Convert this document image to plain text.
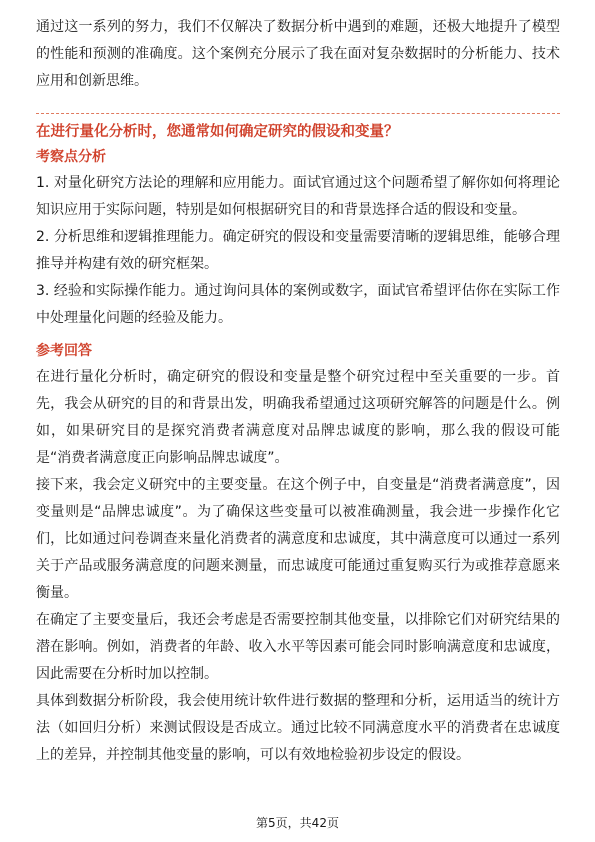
通过这一系列的努力，我们不仅解决了数据分析中遇到的难题，还极大地提升了模型的性能和预测的准确度。这个案例充分展示了我在面对复杂数据时的分析能力、技术应用和创新思维。

在进行量化分析时，您通常如何确定研究的假设和变量？
考察点分析

1. 对量化研究方法论的理解和应用能力。面试官通过这个问题希望了解你如何将理论知识应用于实际问题，特别是如何根据研究目的和背景选择合适的假设和变量。

2. 分析思维和逻辑推理能力。确定研究的假设和变量需要清晰的逻辑思维，能够合理推导并构建有效的研究框架。

3. 经验和实际操作能力。通过询问具体的案例或数字，面试官希望评估你在实际工作中处理量化问题的经验及能力。

参考回答

在进行量化分析时，确定研究的假设和变量是整个研究过程中至关重要的一步。首先，我会从研究的目的和背景出发，明确我希望通过这项研究解答的问题是什么。例如，如果研究目的是探究消费者满意度对品牌忠诚度的影响，那么我的假设可能是“消费者满意度正向影响品牌忠诚度”。

接下来，我会定义研究中的主要变量。在这个例子中，自变量是“消费者满意度”，因变量则是“品牌忠诚度”。为了确保这些变量可以被准确测量，我会进一步操作化它们，比如通过问卷调查来量化消费者的满意度和忠诚度，其中满意度可以通过一系列关于产品或服务满意度的问题来测量，而忠诚度可能通过重复购买行为或推荐意愿来衡量。

在确定了主要变量后，我还会考虑是否需要控制其他变量，以排除它们对研究结果的潜在影响。例如，消费者的年龄、收入水平等因素可能会同时影响满意度和忠诚度，因此需要在分析时加以控制。

具体到数据分析阶段，我会使用统计软件进行数据的整理和分析，运用适当的统计方法（如回归分析）来测试假设是否成立。通过比较不同满意度水平的消费者在忠诚度上的差异，并控制其他变量的影响，可以有效地检验初步设定的假设。

第5页，共42页
